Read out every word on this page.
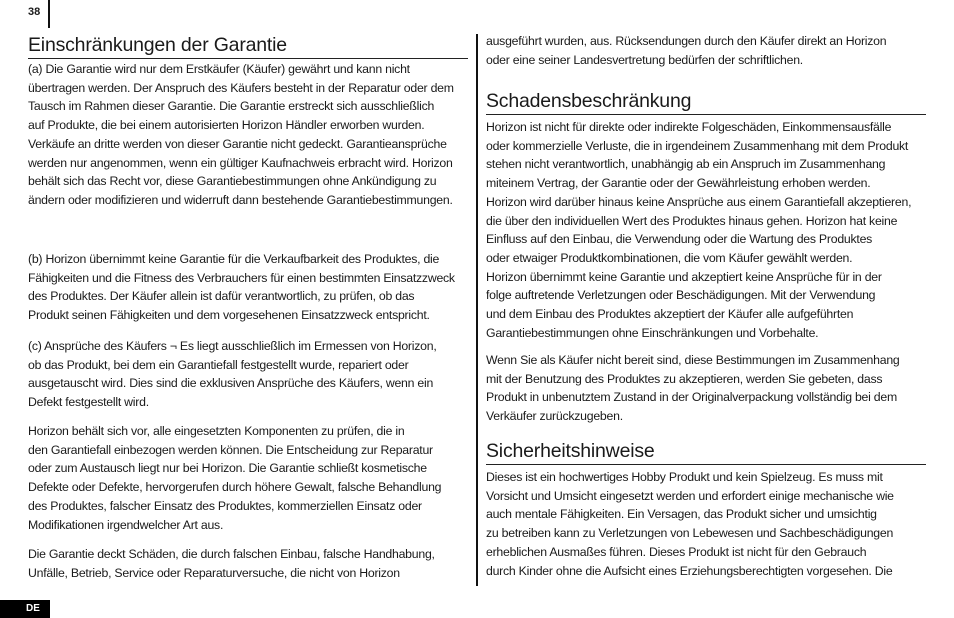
38
Einschränkungen der Garantie

(a) Die Garantie wird nur dem Erstkäufer (Käufer) gewährt und kann nicht
übertragen werden. Der Anspruch des Käufers besteht in der Reparatur oder dem
Tausch im Rahmen dieser Garantie. Die Garantie erstreckt sich ausschließlich
auf Produkte, die bei einem autorisierten Horizon Händler erworben wurden.
Verkäufe an dritte werden von dieser Garantie nicht gedeckt. Garantieansprüche
werden nur angenommen, wenn ein gültiger Kaufnachweis erbracht wird. Horizon
behält sich das Recht vor, diese Garantiebestimmungen ohne Ankündigung zu
ändern oder modifizieren und widerruft dann bestehende Garantiebestimmungen.

(b) Horizon übernimmt keine Garantie für die Verkaufbarkeit des Produktes, die
Fähigkeiten und die Fitness des Verbrauchers für einen bestimmten Einsatzzweck
des Produktes. Der Käufer allein ist dafür verantwortlich, zu prüfen, ob das
Produkt seinen Fähigkeiten und dem vorgesehenen Einsatzzweck entspricht.

(c) Ansprüche des Käufers ¬ Es liegt ausschließlich im Ermessen von Horizon,
ob das Produkt, bei dem ein Garantiefall festgestellt wurde, repariert oder
ausgetauscht wird. Dies sind die exklusiven Ansprüche des Käufers, wenn ein
Defekt festgestellt wird.

Horizon behält sich vor, alle eingesetzten Komponenten zu prüfen, die in
den Garantiefall einbezogen werden können. Die Entscheidung zur Reparatur
oder zum Austausch liegt nur bei Horizon. Die Garantie schließt kosmetische
Defekte oder Defekte, hervorgerufen durch höhere Gewalt, falsche Behandlung
des Produktes, falscher Einsatz des Produktes, kommerziellen Einsatz oder
Modifikationen irgendwelcher Art aus.

Die Garantie deckt Schäden, die durch falschen Einbau, falsche Handhabung,
Unfälle, Betrieb, Service oder Reparaturversuche, die nicht von Horizon

ausgeführt wurden, aus. Rücksendungen durch den Käufer direkt an Horizon
oder eine seiner Landesvertretung bedürfen der schriftlichen.

Schadensbeschränkung

Horizon ist nicht für direkte oder indirekte Folgeschäden, Einkommensausfälle
oder kommerzielle Verluste, die in irgendeinem Zusammenhang mit dem Produkt
stehen nicht verantwortlich, unabhängig ab ein Anspruch im Zusammenhang
miteinem Vertrag, der Garantie oder der Gewährleistung erhoben werden.
Horizon wird darüber hinaus keine Ansprüche aus einem Garantiefall akzeptieren,
die über den individuellen Wert des Produktes hinaus gehen. Horizon hat keine
Einfluss auf den Einbau, die Verwendung oder die Wartung des Produktes
oder etwaiger Produktkombinationen, die vom Käufer gewählt werden.
Horizon übernimmt keine Garantie und akzeptiert keine Ansprüche für in der
folge auftretende Verletzungen oder Beschädigungen. Mit der Verwendung
und dem Einbau des Produktes akzeptiert der Käufer alle aufgeführten
Garantiebestimmungen ohne Einschränkungen und Vorbehalte.

Wenn Sie als Käufer nicht bereit sind, diese Bestimmungen im Zusammenhang
mit der Benutzung des Produktes zu akzeptieren, werden Sie gebeten, dass
Produkt in unbenutztem Zustand in der Originalverpackung vollständig bei dem
Verkäufer zurückzugeben.

Sicherheitshinweise

Dieses ist ein hochwertiges Hobby Produkt und kein Spielzeug. Es muss mit
Vorsicht und Umsicht eingesetzt werden und erfordert einige mechanische wie
auch mentale Fähigkeiten. Ein Versagen, das Produkt sicher und umsichtig
zu betreiben kann zu Verletzungen von Lebewesen und Sachbeschädigungen
erheblichen Ausmaßes führen. Dieses Produkt ist nicht für den Gebrauch
durch Kinder ohne die Aufsicht eines Erziehungsberechtigten vorgesehen. Die

DE
